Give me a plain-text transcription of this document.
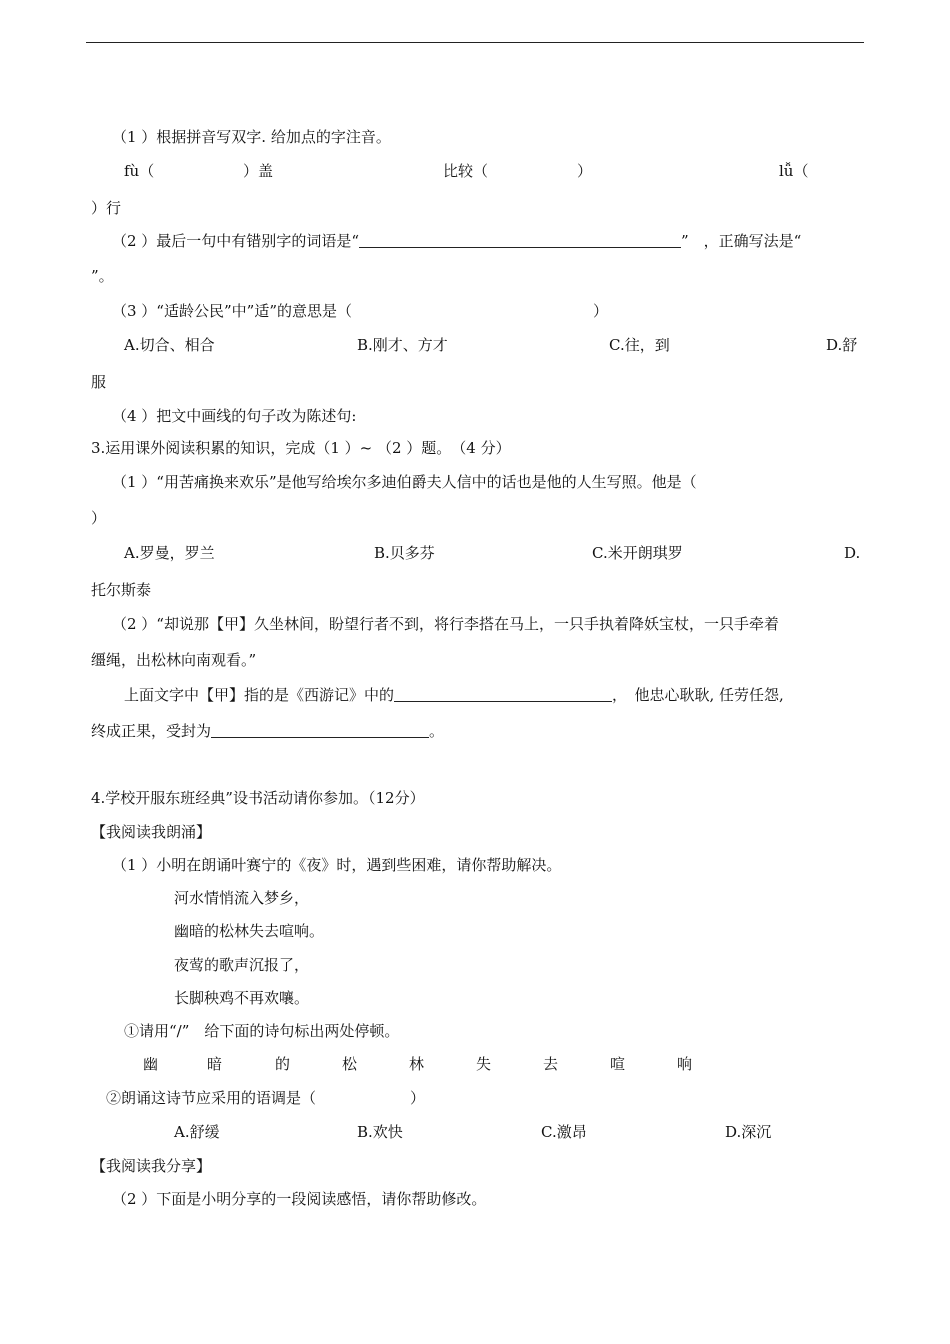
（1 ）根据拼音写双字. 给加点的字注音。
fù（	）盖	比较（	）	lǚ（
）行
（2 ）最后一句中有错别字的词语是“	”　，正确写法是“
”。
（3 ）“适龄公民”中”适”的意思是（	）
A.切合、相合	B.刚才、方才	C.往，到	D.舒
服
（4 ）把文中画线的句子改为陈述句:
3.运用课外阅读积累的知识，完成（1 ）~ （2 ）题。　（4 分）
（1 ）“用苦痛换来欢乐”是他写给埃尔多迪伯爵夫人信中的话也是他的人生写照。他是（
）
A.罗曼，罗兰	B.贝多芬	C.米开朗琪罗	D.
托尔斯泰
（2 ）“却说那【甲】久坐林间，盼望行者不到，将行李搭在马上，一只手执着降妖宝杖，一只手牵着
缰绳，出松林向南观看。”
上面文字中【甲】指的是《西游记》中的	，　他忠心耿耿, 任劳任怨,
终成正果，受封为	。
4.学校开服东班经典”设书活动请你参加。（12分）
【我阅读我朗涌】
（1 ）小明在朗诵叶赛宁的《夜》时，遇到些困难，请你帮助解决。
河水情悄流入梦乡，
幽暗的松林失去喧响。
夜莺的歌声沉报了，
长脚秧鸡不再欢嚷。
①请用“/”　给下面的诗句标出两处停顿。
幽	暗	的	松	林	失	去	喧	响
②朗诵这诗节应采用的语调是（	）
A.舒缓	B.欢快	C.激昂	D.深沉
【我阅读我分享】
（2 ）下面是小明分享的一段阅读感悟，请你帮助修改。
